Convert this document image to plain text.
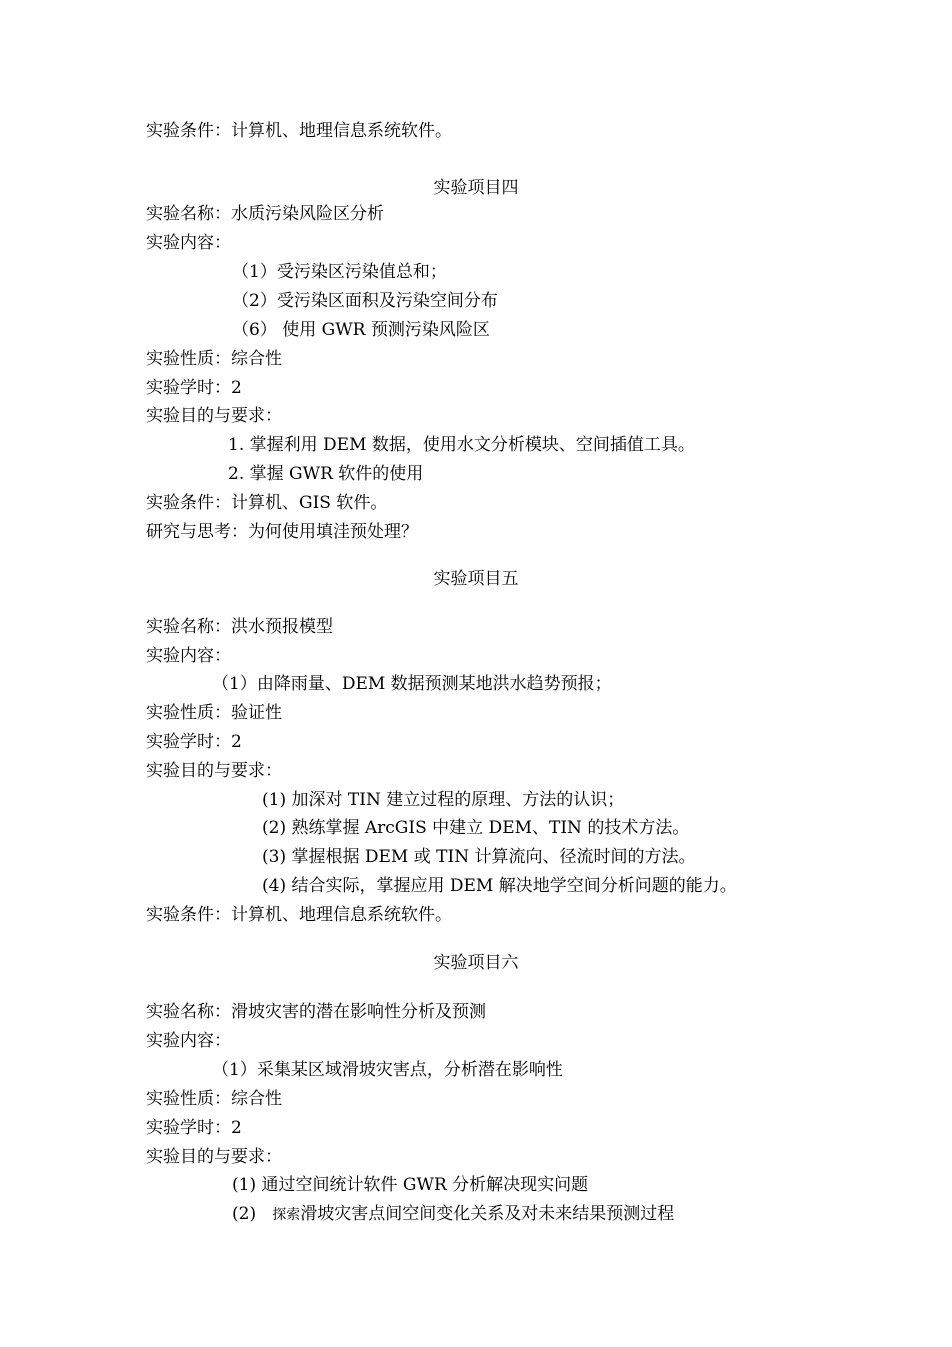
实验条件：计算机、地理信息系统软件。
实验项目四
实验名称：水质污染风险区分析
实验内容：
（1）受污染区污染值总和；
（2）受污染区面积及污染空间分布
（6） 使用 GWR 预测污染风险区
实验性质：综合性
实验学时：2
实验目的与要求：
1. 掌握利用 DEM 数据，使用水文分析模块、空间插值工具。
2. 掌握 GWR 软件的使用
实验条件：计算机、GIS 软件。
研究与思考：为何使用填洼预处理？
实验项目五
实验名称：洪水预报模型
实验内容：
（1）由降雨量、DEM 数据预测某地洪水趋势预报；
实验性质：验证性
实验学时：2
实验目的与要求：
(1) 加深对 TIN 建立过程的原理、方法的认识；
(2) 熟练掌握 ArcGIS 中建立 DEM、TIN 的技术方法。
(3) 掌握根据 DEM 或 TIN 计算流向、径流时间的方法。
(4) 结合实际，掌握应用 DEM 解决地学空间分析问题的能力。
实验条件：计算机、地理信息系统软件。
实验项目六
实验名称：滑坡灾害的潜在影响性分析及预测
实验内容：
（1）采集某区域滑坡灾害点，分析潜在影响性
实验性质：综合性
实验学时：2
实验目的与要求：
(1) 通过空间统计软件 GWR 分析解决现实问题
(2)   探索滑坡灾害点间空间变化关系及对未来结果预测过程
